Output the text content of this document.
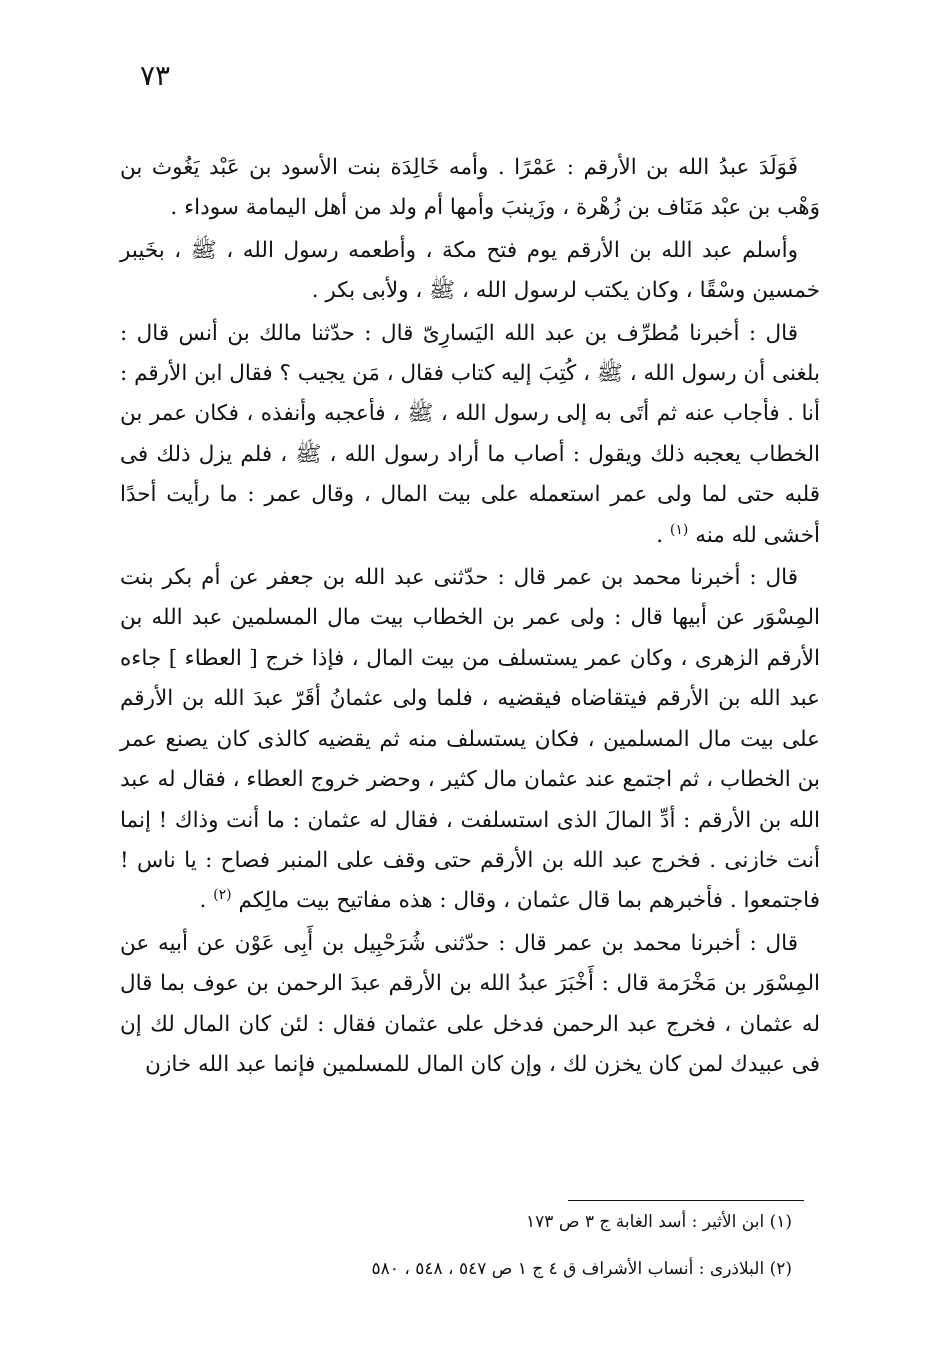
٧٣

فَوَلَدَ عبدُ الله بن الأرقم : عَمْرًا . وأمه خَالِدَة بنت الأسود بن عَبْد يَغُوث بن وَهْب بن عبْد مَنَاف بن زُهْرة ، وزَينبَ وأمها أم ولد من أهل اليمامة سوداء .

وأسلم عبد الله بن الأرقم يوم فتح مكة ، وأطعمه رسول الله ، ﷺ ، بخَيبر خمسين وسْقًا ، وكان يكتب لرسول الله ، ﷺ ، ولأبى بكر .

قال : أخبرنا مُطرِّف بن عبد الله اليَسارِىّ قال : حدّثنا مالك بن أنس قال : بلغنى أن رسول الله ، ﷺ ، كُتِبَ إليه كتاب فقال ، مَن يجيب ؟ فقال ابن الأرقم : أنا . فأجاب عنه ثم أتَى به إلى رسول الله ، ﷺ ، فأعجبه وأنفذه ، فكان عمر بن الخطاب يعجبه ذلك ويقول : أصاب ما أراد رسول الله ، ﷺ ، فلم يزل ذلك فى قلبه حتى لما ولى عمر استعمله على بيت المال ، وقال عمر : ما رأيت أحدًا أخشى لله منه $^{(١)}$ .

قال : أخبرنا محمد بن عمر قال : حدّثنى عبد الله بن جعفر عن أم بكر بنت المِسْوَر عن أبيها قال : ولى عمر بن الخطاب بيت مال المسلمين عبد الله بن الأرقم الزهرى ، وكان عمر يستسلف من بيت المال ، فإذا خرج [ العطاء ] جاءه عبد الله بن الأرقم فيتقاضاه فيقضيه ، فلما ولى عثمانُ أقَرّ عبدَ الله بن الأرقم على بيت مال المسلمين ، فكان يستسلف منه ثم يقضيه كالذى كان يصنع عمر بن الخطاب ، ثم اجتمع عند عثمان مال كثير ، وحضر خروج العطاء ، فقال له عبد الله بن الأرقم : أدِّ المالَ الذى استسلفت ، فقال له عثمان : ما أنت وذاك ! إنما أنت خازنى . فخرج عبد الله بن الأرقم حتى وقف على المنبر فصاح : يا ناس ! فاجتمعوا . فأخبرهم بما قال عثمان ، وقال : هذه مفاتيح بيت مالِكم $^{(٢)}$ .

قال : أخبرنا محمد بن عمر قال : حدّثنى شُرَحْبِيل بن أَبِى عَوْن عن أبيه عن المِسْوَر بن مَخْرَمة قال : أَخْبَرَ عبدُ الله بن الأرقم عبدَ الرحمن بن عوف بما قال له عثمان ، فخرج عبد الرحمن فدخل على عثمان فقال : لئن كان المال لك إن فى عبيدك لمن كان يخزن لك ، وإن كان المال للمسلمين فإنما عبد الله خازن

(١) ابن الأثير : أسد الغابة ج ٣ ص ١٧٣

(٢) البلاذرى : أنساب الأشراف ق ٤ ج ١ ص ٥٤٧ ، ٥٤٨ ، ٥٨٠
